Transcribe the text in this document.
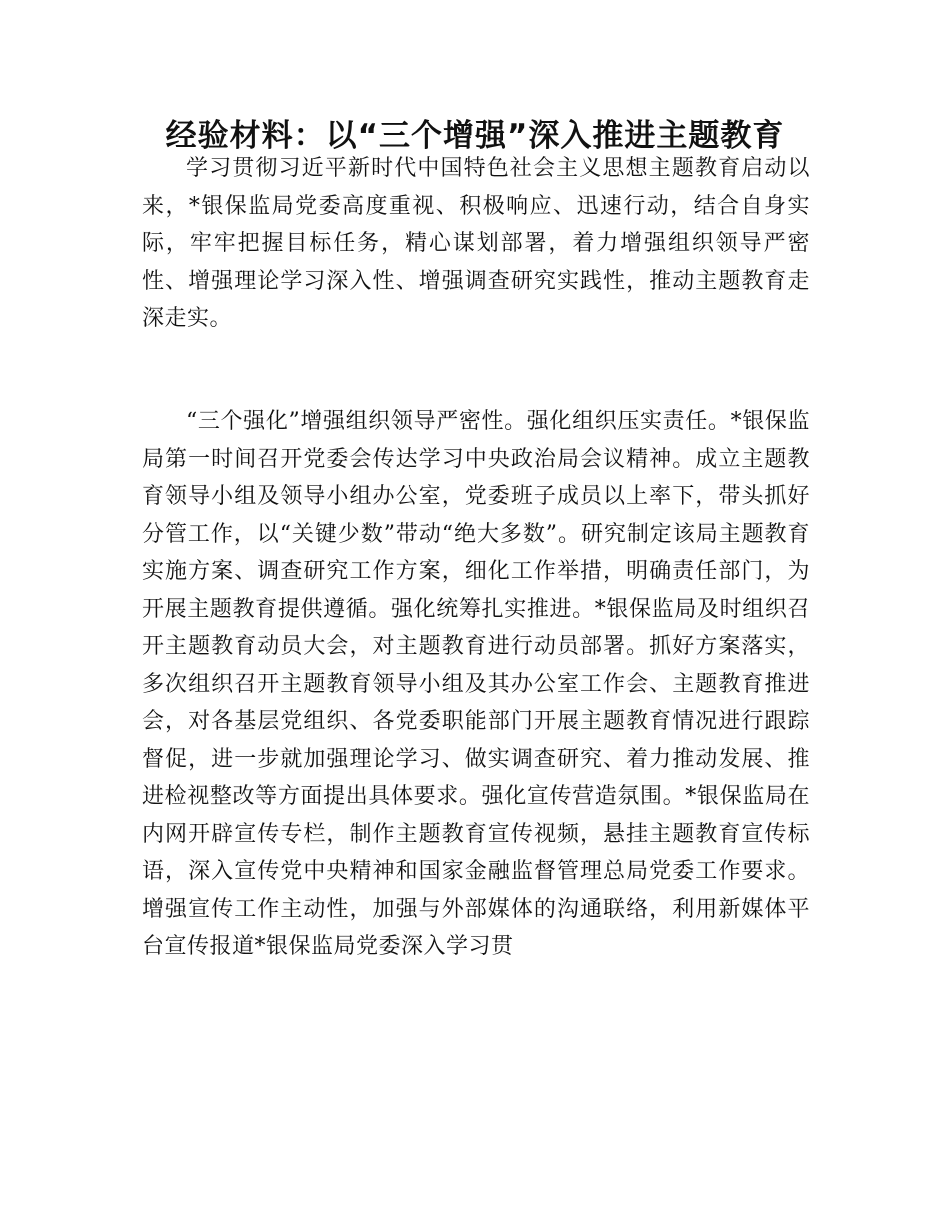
经验材料：以“三个增强”深入推进主题教育

学习贯彻习近平新时代中国特色社会主义思想主题教育启动以来，*银保监局党委高度重视、积极响应、迅速行动，结合自身实际，牢牢把握目标任务，精心谋划部署，着力增强组织领导严密性、增强理论学习深入性、增强调查研究实践性，推动主题教育走深走实。

“三个强化”增强组织领导严密性。强化组织压实责任。*银保监局第一时间召开党委会传达学习中央政治局会议精神。成立主题教育领导小组及领导小组办公室，党委班子成员以上率下，带头抓好分管工作，以“关键少数”带动“绝大多数”。研究制定该局主题教育实施方案、调查研究工作方案，细化工作举措，明确责任部门，为开展主题教育提供遵循。强化统筹扎实推进。*银保监局及时组织召开主题教育动员大会，对主题教育进行动员部署。抓好方案落实，多次组织召开主题教育领导小组及其办公室工作会、主题教育推进会，对各基层党组织、各党委职能部门开展主题教育情况进行跟踪督促，进一步就加强理论学习、做实调查研究、着力推动发展、推进检视整改等方面提出具体要求。强化宣传营造氛围。*银保监局在内网开辟宣传专栏，制作主题教育宣传视频，悬挂主题教育宣传标语，深入宣传党中央精神和国家金融监督管理总局党委工作要求。增强宣传工作主动性，加强与外部媒体的沟通联络，利用新媒体平台宣传报道*银保监局党委深入学习贯
